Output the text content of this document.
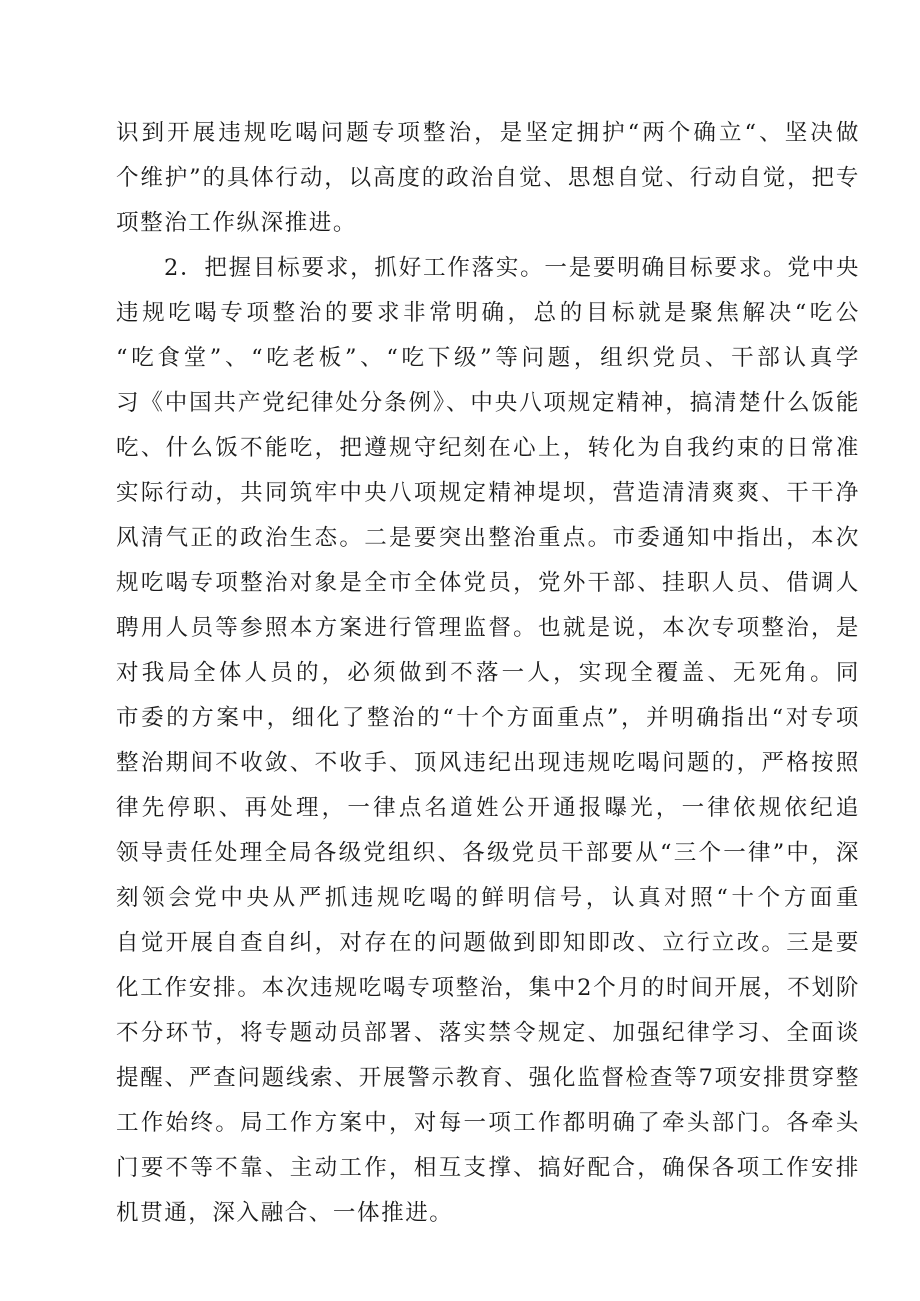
识到开展违规吃喝问题专项整治，是坚定拥护“两个确立“、坚决做
个维护”的具体行动，以高度的政治自觉、思想自觉、行动自觉，把专
项整治工作纵深推进。
2．把握目标要求，抓好工作落实。一是要明确目标要求。党中央
违规吃喝专项整治的要求非常明确，总的目标就是聚焦解决“吃公
“吃食堂”、“吃老板”、“吃下级”等问题，组织党员、干部认真学
习《中国共产党纪律处分条例》、中央八项规定精神，搞清楚什么饭能
吃、什么饭不能吃，把遵规守纪刻在心上，转化为自我约束的日常准
实际行动，共同筑牢中央八项规定精神堤坝，营造清清爽爽、干干净
风清气正的政治生态。二是要突出整治重点。市委通知中指出，本次
规吃喝专项整治对象是全市全体党员，党外干部、挂职人员、借调人
聘用人员等参照本方案进行管理监督。也就是说，本次专项整治，是
对我局全体人员的，必须做到不落一人，实现全覆盖、无死角。同
市委的方案中，细化了整治的“十个方面重点”，并明确指出“对专项
整治期间不收敛、不收手、顶风违纪出现违规吃喝问题的，严格按照
律先停职、再处理，一律点名道姓公开通报曝光，一律依规依纪追
领导责任处理全局各级党组织、各级党员干部要从“三个一律”中，深
刻领会党中央从严抓违规吃喝的鲜明信号，认真对照“十个方面重
自觉开展自查自纠，对存在的问题做到即知即改、立行立改。三是要
化工作安排。本次违规吃喝专项整治，集中2个月的时间开展，不划阶
不分环节，将专题动员部署、落实禁令规定、加强纪律学习、全面谈
提醒、严查问题线索、开展警示教育、强化监督检查等7项安排贯穿整
工作始终。局工作方案中，对每一项工作都明确了牵头部门。各牵头
门要不等不靠、主动工作，相互支撑、搞好配合，确保各项工作安排
机贯通，深入融合、一体推进。
